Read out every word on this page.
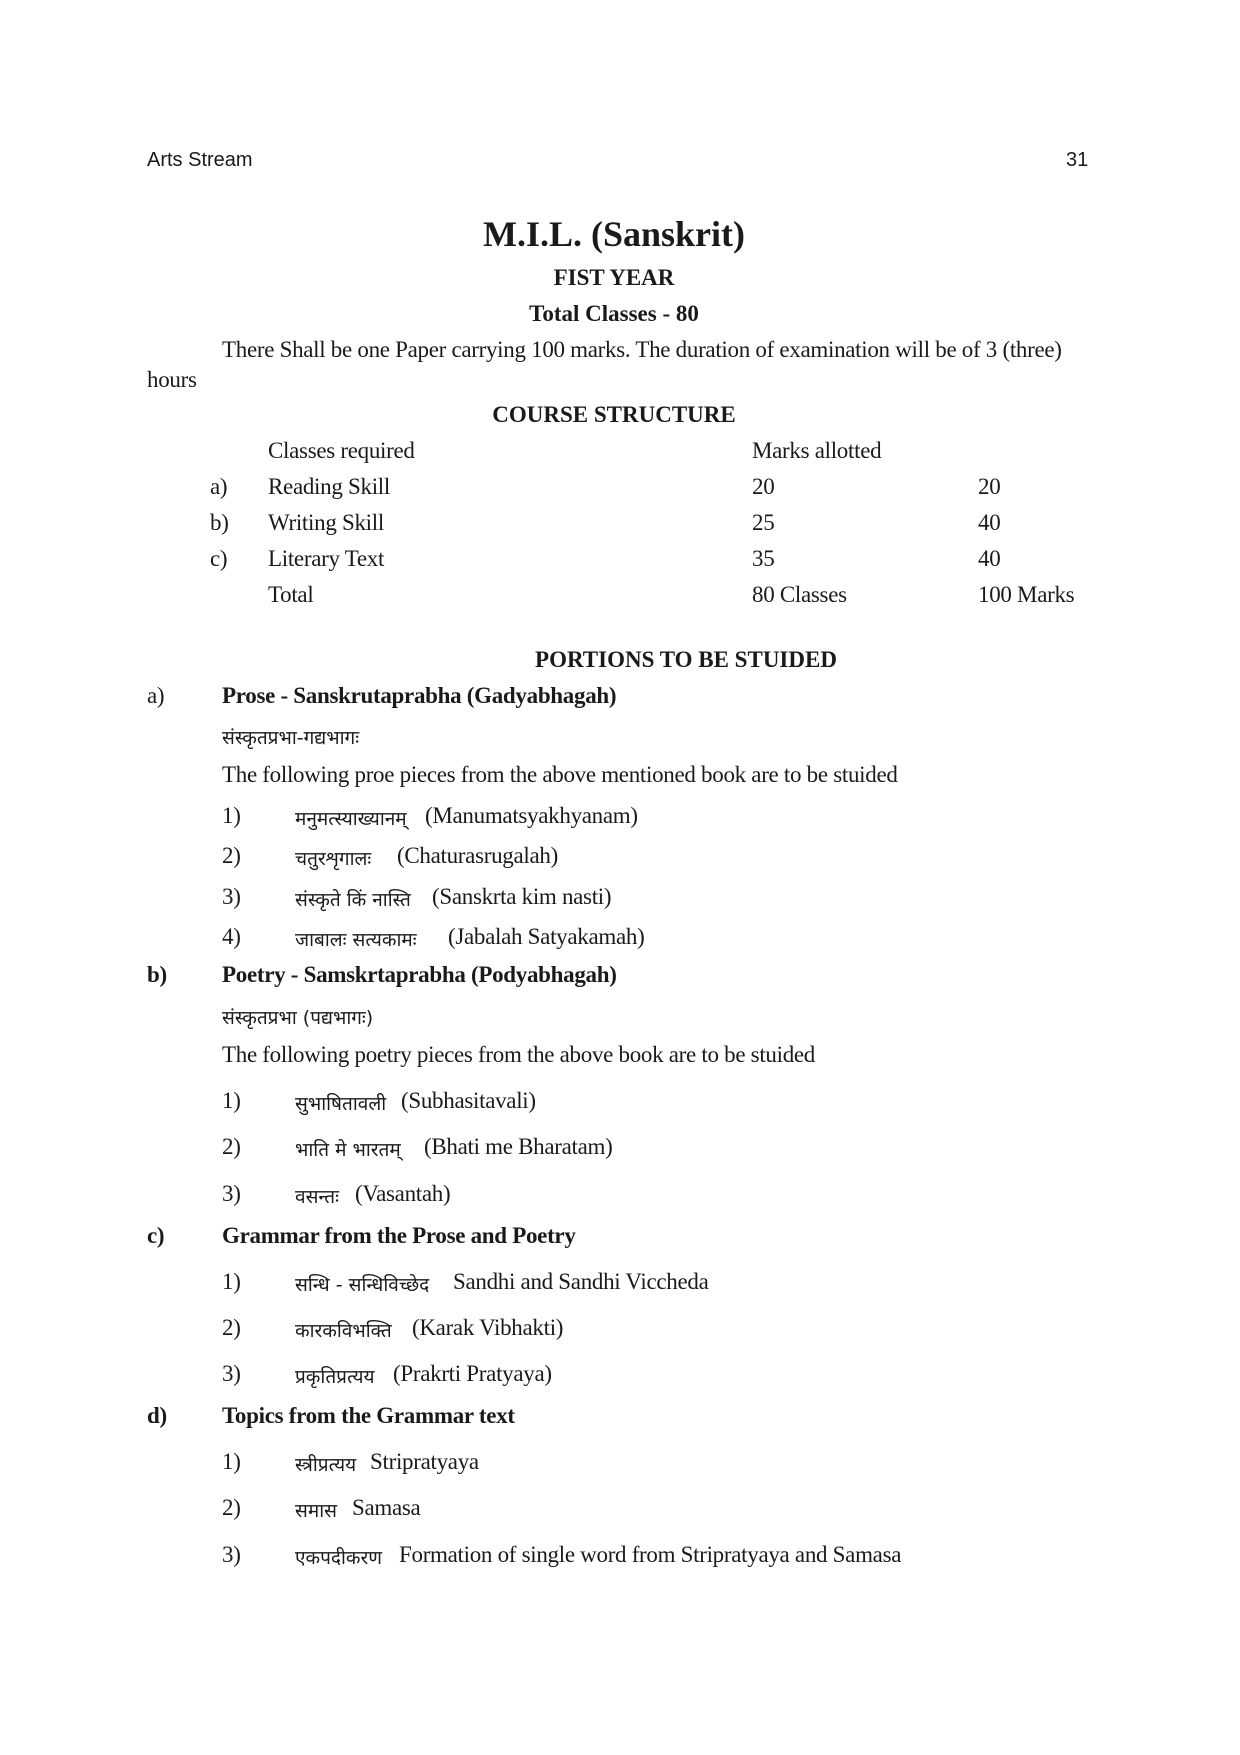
Arts Stream	31
M.I.L. (Sanskrit)
FIST YEAR
Total Classes - 80
There Shall be one Paper carrying 100 marks. The duration of examination will be of 3 (three)
hours
COURSE STRUCTURE
Classes required	Marks allotted
a) Reading Skill	20	20
b) Writing Skill	25	40
c) Literary Text	35	40
Total	80 Classes	100 Marks
PORTIONS TO BE STUIDED
a)	Prose - Sanskrutaprabha (Gadyabhagah)
संस्कृतप्रभा-गद्यभागः
The following proe pieces from the above mentioned book are to be stuided
1)	मनुमत्स्याख्यानम् (Manumatsyakhyanam)
2)	चतुरशृगालः (Chaturasrugalah)
3)	संस्कृते किं नास्ति (Sanskrta kim nasti)
4)	जाबालः सत्यकामः (Jabalah Satyakamah)
b) Poetry - Samskrtaprabha (Podyabhagah)
संस्कृतप्रभा (पद्यभागः)
The following poetry pieces from the above book are to be stuided
1)	सुभाषितावली (Subhasitavali)
2)	भाति मे भारतम् (Bhati me Bharatam)
3)	वसन्तः (Vasantah)
c)	Grammar from the Prose and Poetry
1)	सन्धि - सन्धिविच्छेद Sandhi and Sandhi Viccheda
2)	कारकविभक्ति (Karak Vibhakti)
3)	प्रकृतिप्रत्यय (Prakrti Pratyaya)
d) Topics from the Grammar text
1)	स्त्रीप्रत्यय Stripratyaya
2)	समास Samasa
3)	एकपदीकरण Formation of single word from Stripratyaya and Samasa
